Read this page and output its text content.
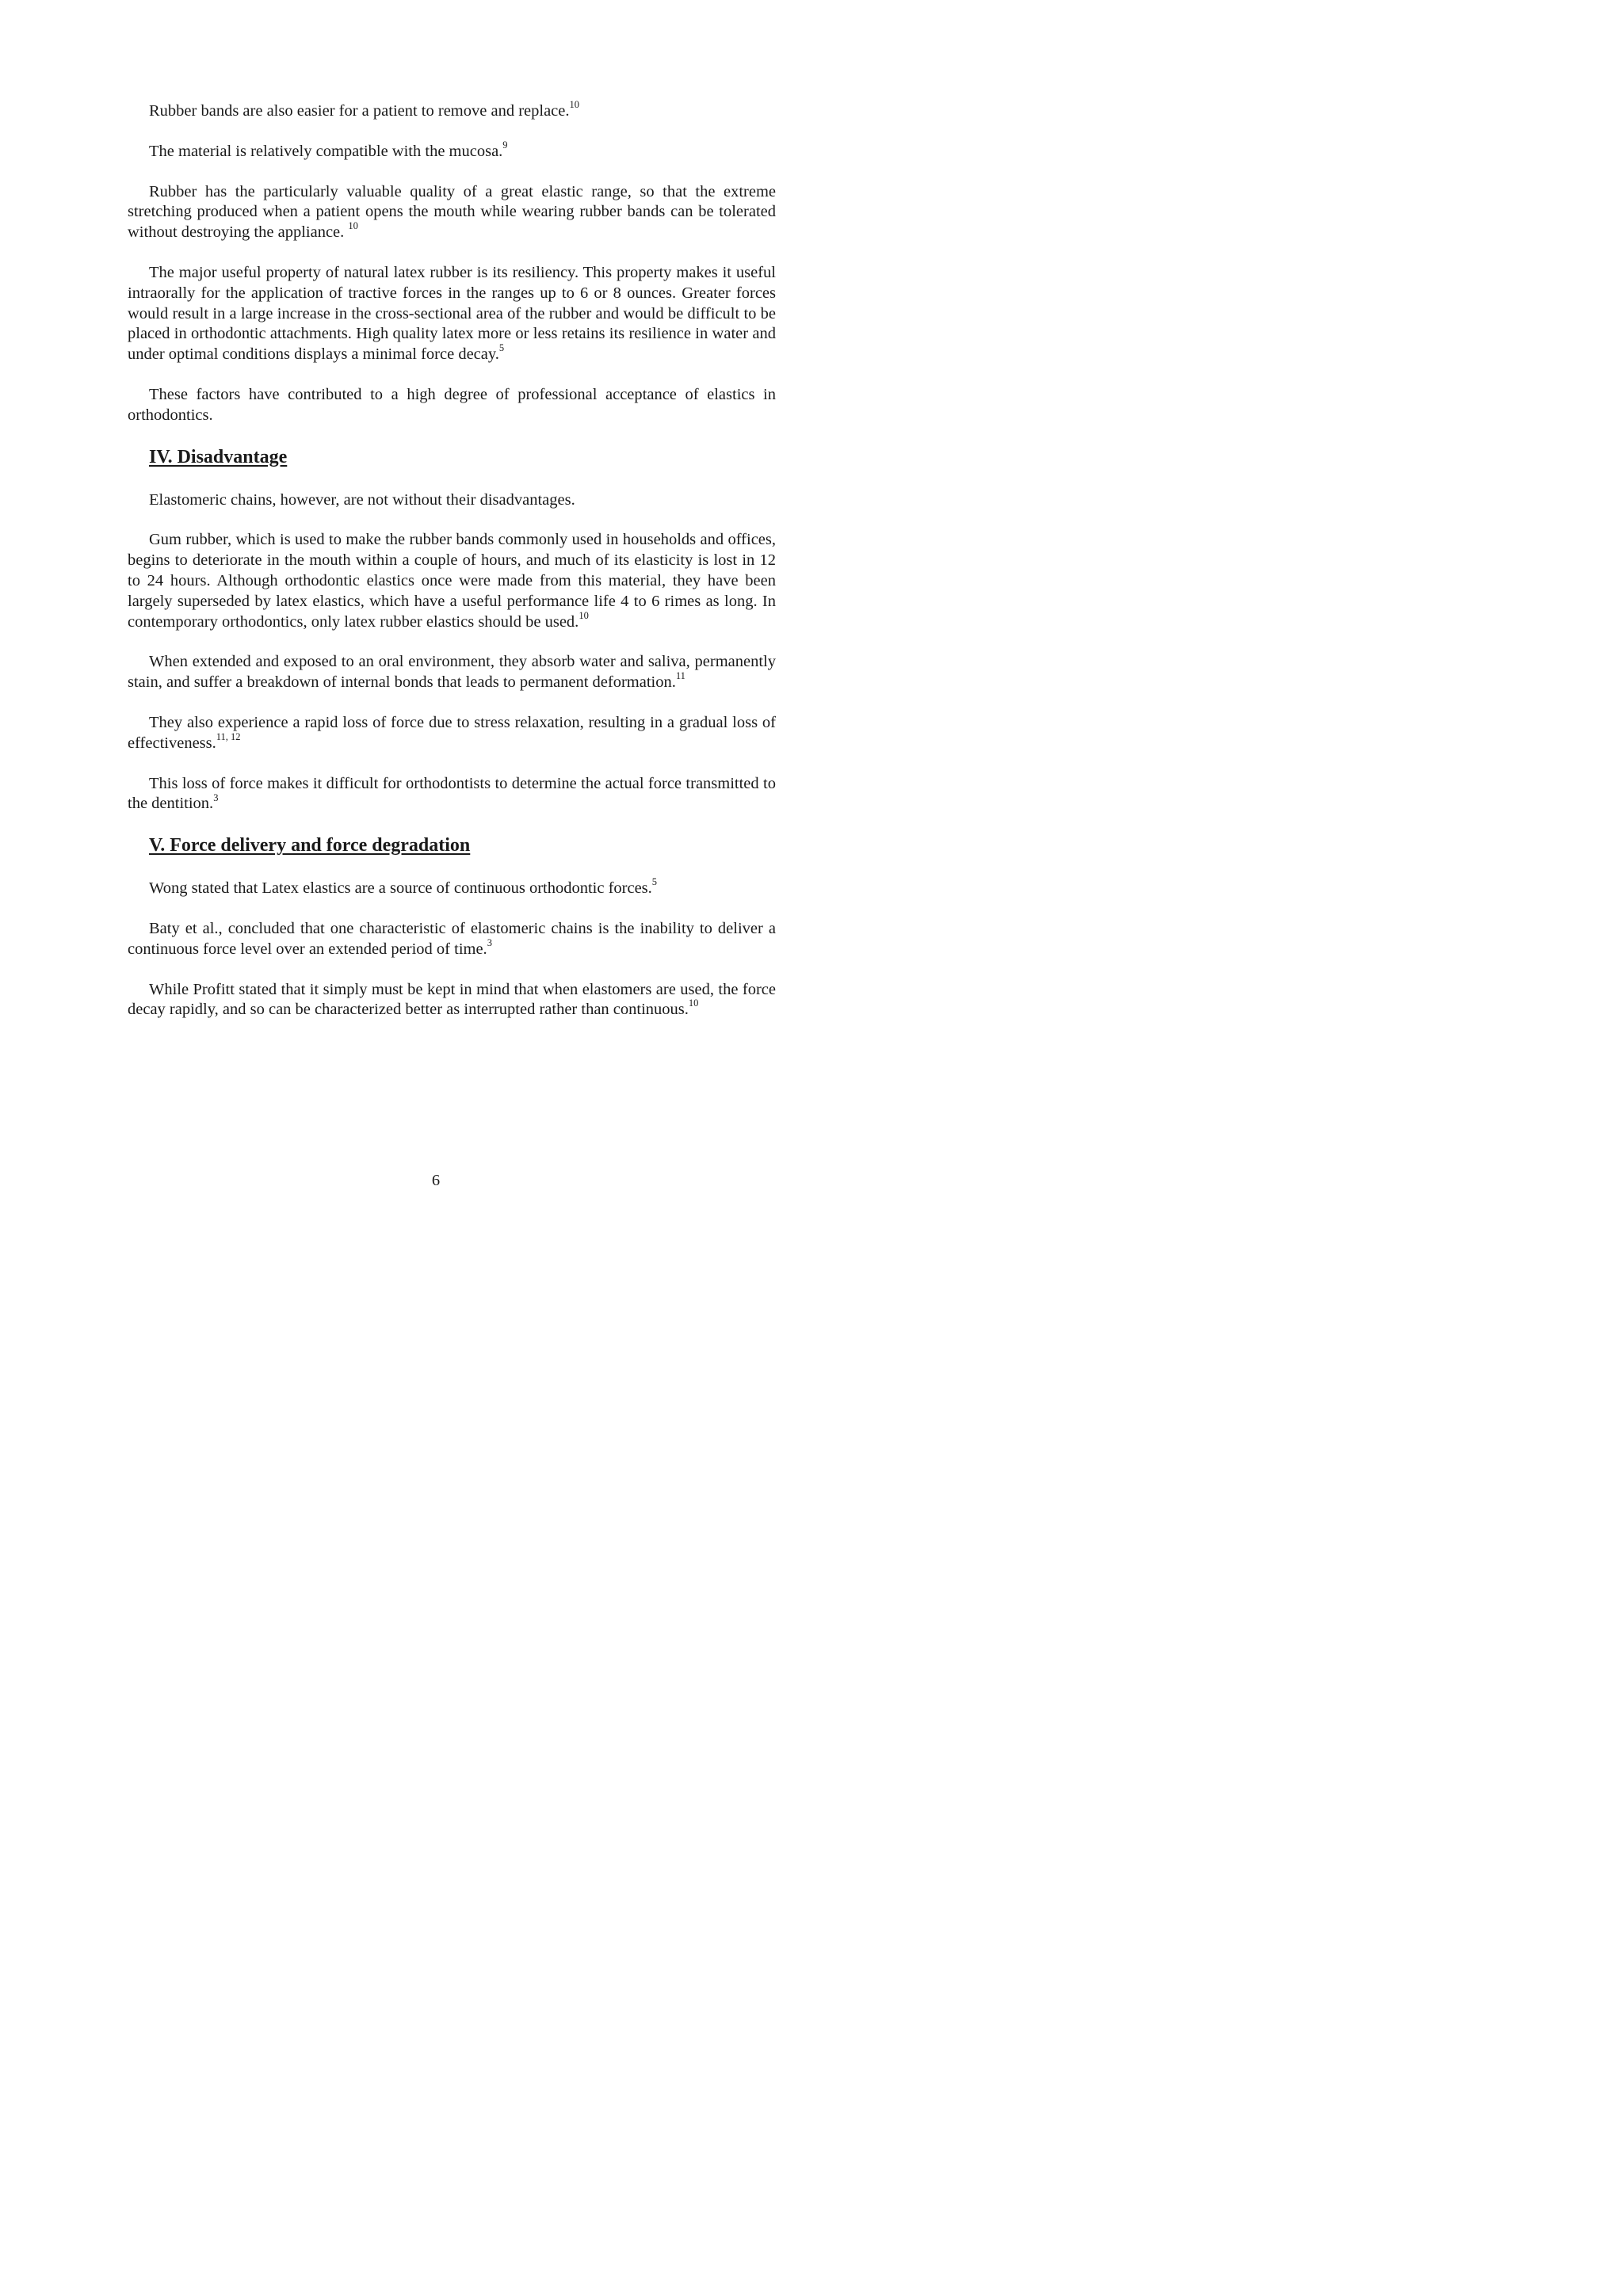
Rubber bands are also easier for a patient to remove and replace.$^{10}$

The material is relatively compatible with the mucosa.$^9$

Rubber has the particularly valuable quality of a great elastic range, so that the extreme stretching produced when a patient opens the mouth while wearing rubber bands can be tolerated without destroying the appliance. $^{10}$

The major useful property of natural latex rubber is its resiliency. This property makes it useful intraorally for the application of tractive forces in the ranges up to 6 or 8 ounces. Greater forces would result in a large increase in the cross-sectional area of the rubber and would be difficult to be placed in orthodontic attachments. High quality latex more or less retains its resilience in water and under optimal conditions displays a minimal force decay.$^5$

These factors have contributed to a high degree of professional acceptance of elastics in orthodontics.

IV. Disadvantage

Elastomeric chains, however, are not without their disadvantages.

Gum rubber, which is used to make the rubber bands commonly used in households and offices, begins to deteriorate in the mouth within a couple of hours, and much of its elasticity is lost in 12 to 24 hours. Although orthodontic elastics once were made from this material, they have been largely superseded by latex elastics, which have a useful performance life 4 to 6 rimes as long. In contemporary orthodontics, only latex rubber elastics should be used.$^{10}$

When extended and exposed to an oral environment, they absorb water and saliva, permanently stain, and suffer a breakdown of internal bonds that leads to permanent deformation.$^{11}$

They also experience a rapid loss of force due to stress relaxation, resulting in a gradual loss of effectiveness.$^{11, 12}$

This loss of force makes it difficult for orthodontists to determine the actual force transmitted to the dentition.$^3$

V. Force delivery and force degradation

Wong stated that Latex elastics are a source of continuous orthodontic forces.$^5$

Baty et al., concluded that one characteristic of elastomeric chains is the inability to deliver a continuous force level over an extended period of time.$^3$

While Profitt stated that it simply must be kept in mind that when elastomers are used, the force decay rapidly, and so can be characterized better as interrupted rather than continuous.$^{10}$

6
